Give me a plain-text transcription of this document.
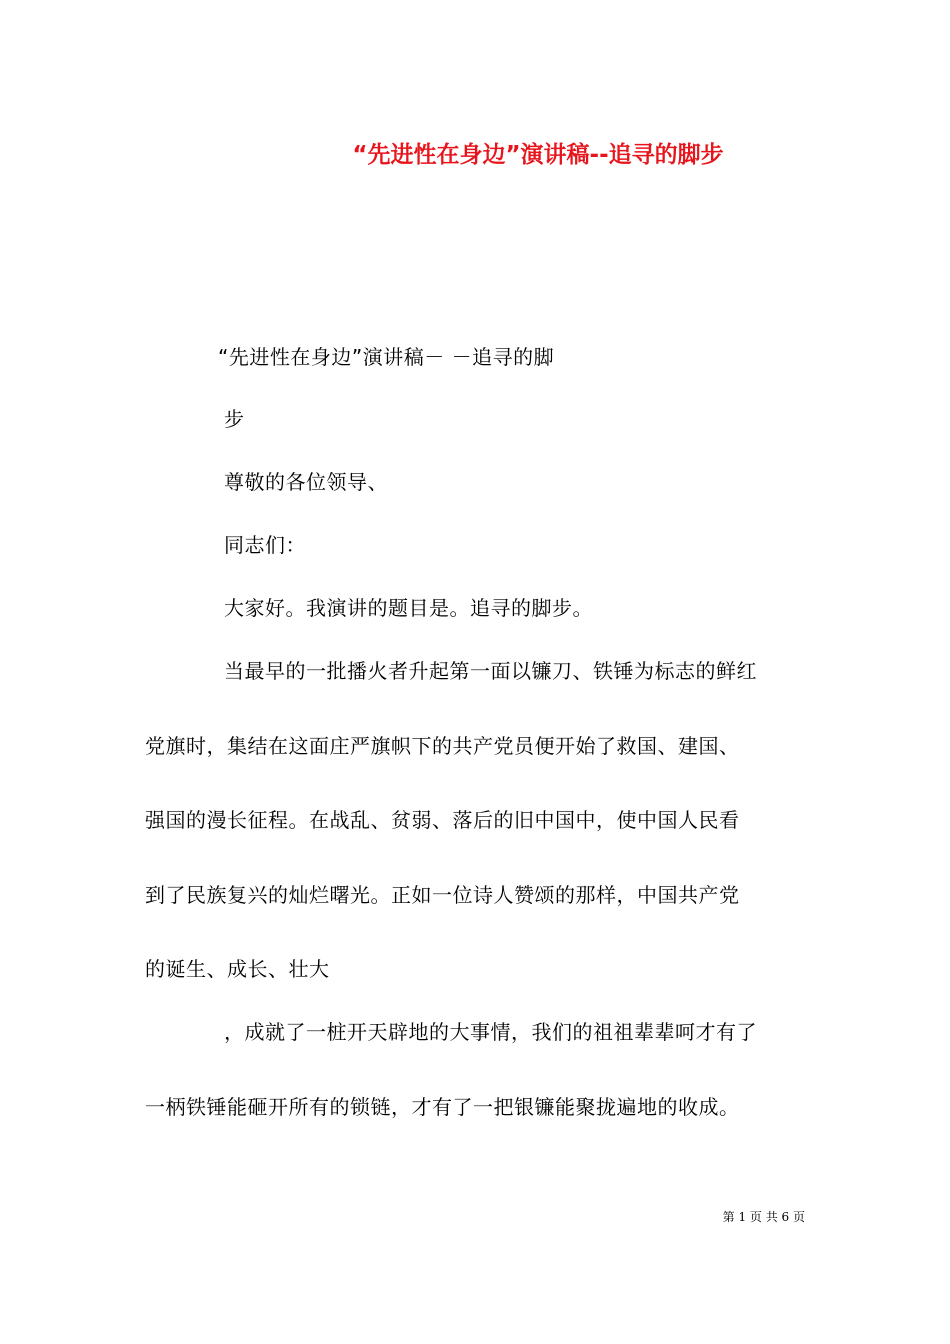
“先进性在身边”演讲稿--追寻的脚步
“先进性在身边”演讲稿－ －追寻的脚
步
尊敬的各位领导、
同志们：
大家好。我演讲的题目是。追寻的脚步。
当最早的一批播火者升起第一面以镰刀、铁锤为标志的鲜红
党旗时，集结在这面庄严旗帜下的共产党员便开始了救国、建国、
强国的漫长征程。在战乱、贫弱、落后的旧中国中，使中国人民看
到了民族复兴的灿烂曙光。正如一位诗人赞颂的那样，中国共产党
的诞生、成长、壮大
，成就了一桩开天辟地的大事情，我们的祖祖辈辈呵才有了
一柄铁锤能砸开所有的锁链，才有了一把银镰能聚拢遍地的收成。
第 1 页 共 6 页
